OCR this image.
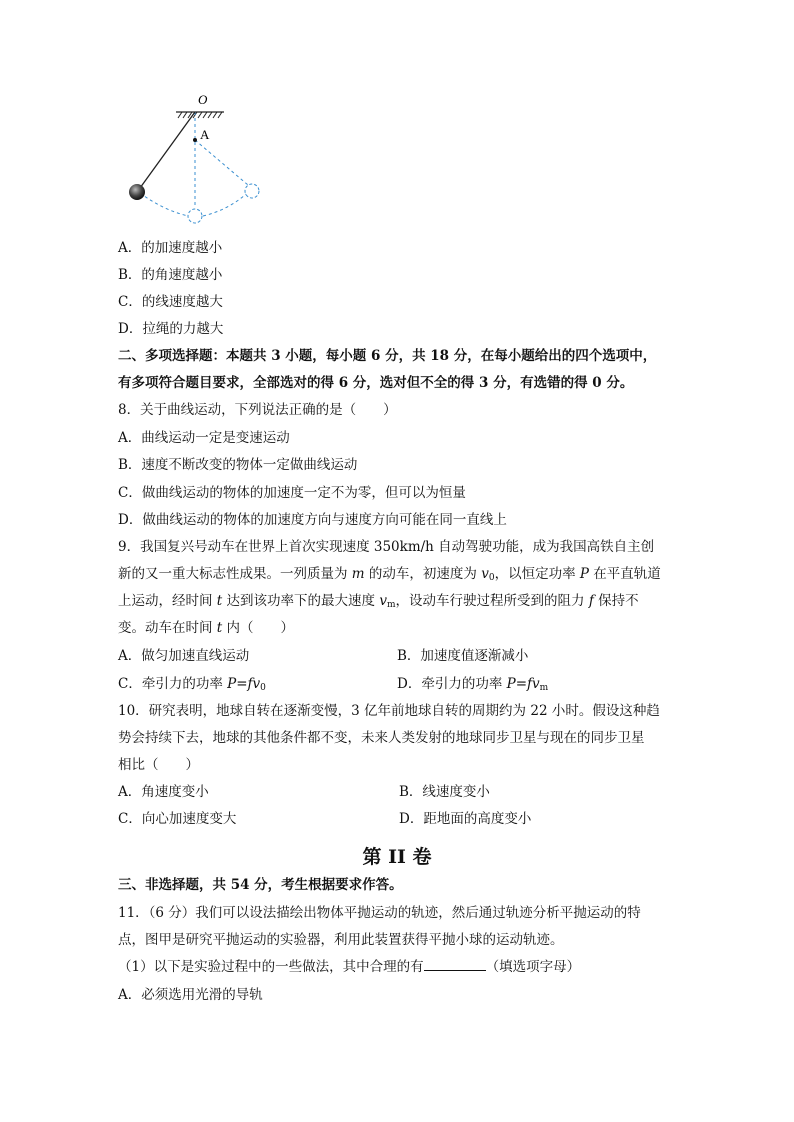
O
A
A．的加速度越小
B．的角速度越小
C．的线速度越大
D．拉绳的力越大
二、多项选择题：本题共 3 小题，每小题 6 分，共 18 分，在每小题给出的四个选项中，
有多项符合题目要求，全部选对的得 6 分，选对但不全的得 3 分，有选错的得 0 分。
8．关于曲线运动，下列说法正确的是（　　）
A．曲线运动一定是变速运动
B．速度不断改变的物体一定做曲线运动
C．做曲线运动的物体的加速度一定不为零，但可以为恒量
D．做曲线运动的物体的加速度方向与速度方向可能在同一直线上
9．我国复兴号动车在世界上首次实现速度 350km/h 自动驾驶功能，成为我国高铁自主创
新的又一重大标志性成果。一列质量为 m 的动车，初速度为 $v_0$，以恒定功率 P 在平直轨道
上运动，经时间 t 达到该功率下的最大速度 $v_m$，设动车行驶过程所受到的阻力 f 保持不
变。动车在时间 t 内（　　）
A．做匀加速直线运动	B．加速度值逐渐减小
C．牵引力的功率 $P=fv_0$	D．牵引力的功率 $P=fv_m$
10．研究表明，地球自转在逐渐变慢，3 亿年前地球自转的周期约为 22 小时。假设这种趋
势会持续下去，地球的其他条件都不变，未来人类发射的地球同步卫星与现在的同步卫星
相比（　　）
A．角速度变小	B．线速度变小
C．向心加速度变大	D．距地面的高度变小
第 II 卷
三、非选择题，共 54 分，考生根据要求作答。
11．（6 分）我们可以设法描绘出物体平抛运动的轨迹，然后通过轨迹分析平抛运动的特
点，图甲是研究平抛运动的实验器，利用此装置获得平抛小球的运动轨迹。
（1）以下是实验过程中的一些做法，其中合理的有	（填选项字母）
A．必须选用光滑的导轨
